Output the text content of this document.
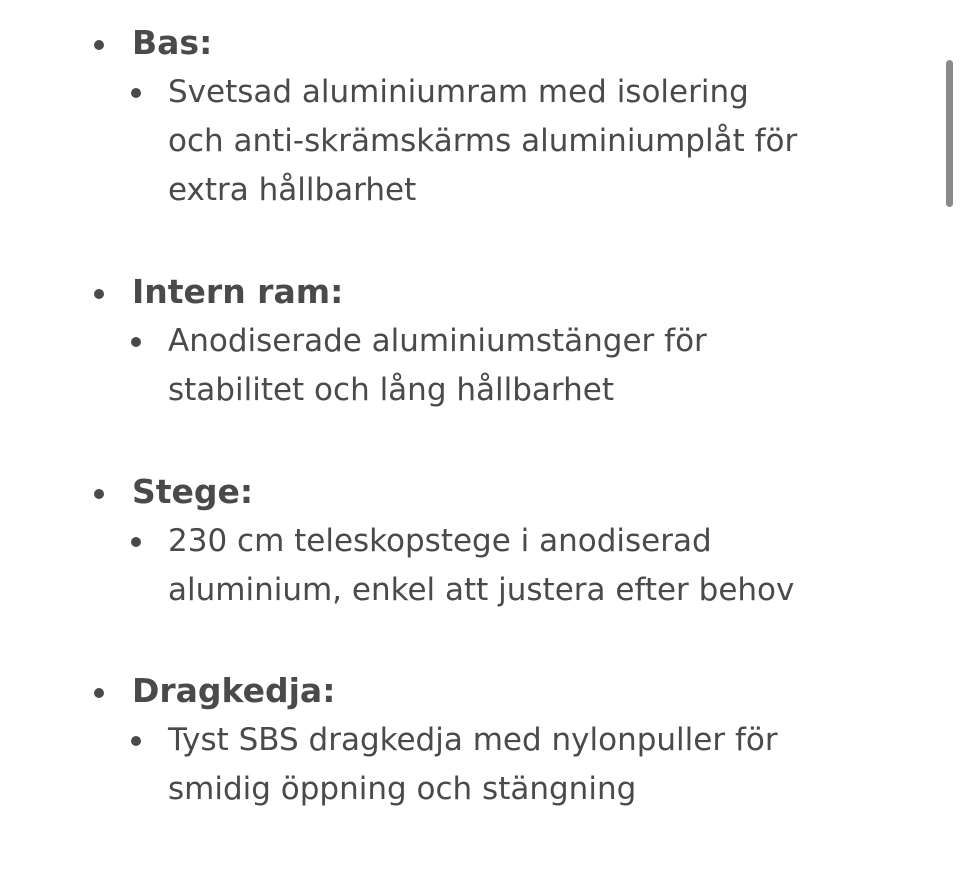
Bas:

Svetsad aluminiumram med isolering
och anti-skrämskärms aluminiumplåt för
extra hållbarhet

Intern ram:

Anodiserade aluminiumstänger för
stabilitet och lång hållbarhet

Stege:

230 cm teleskopstege i anodiserad
aluminium, enkel att justera efter behov

Dragkedja:

Tyst SBS dragkedja med nylonpuller för
smidig öppning och stängning
